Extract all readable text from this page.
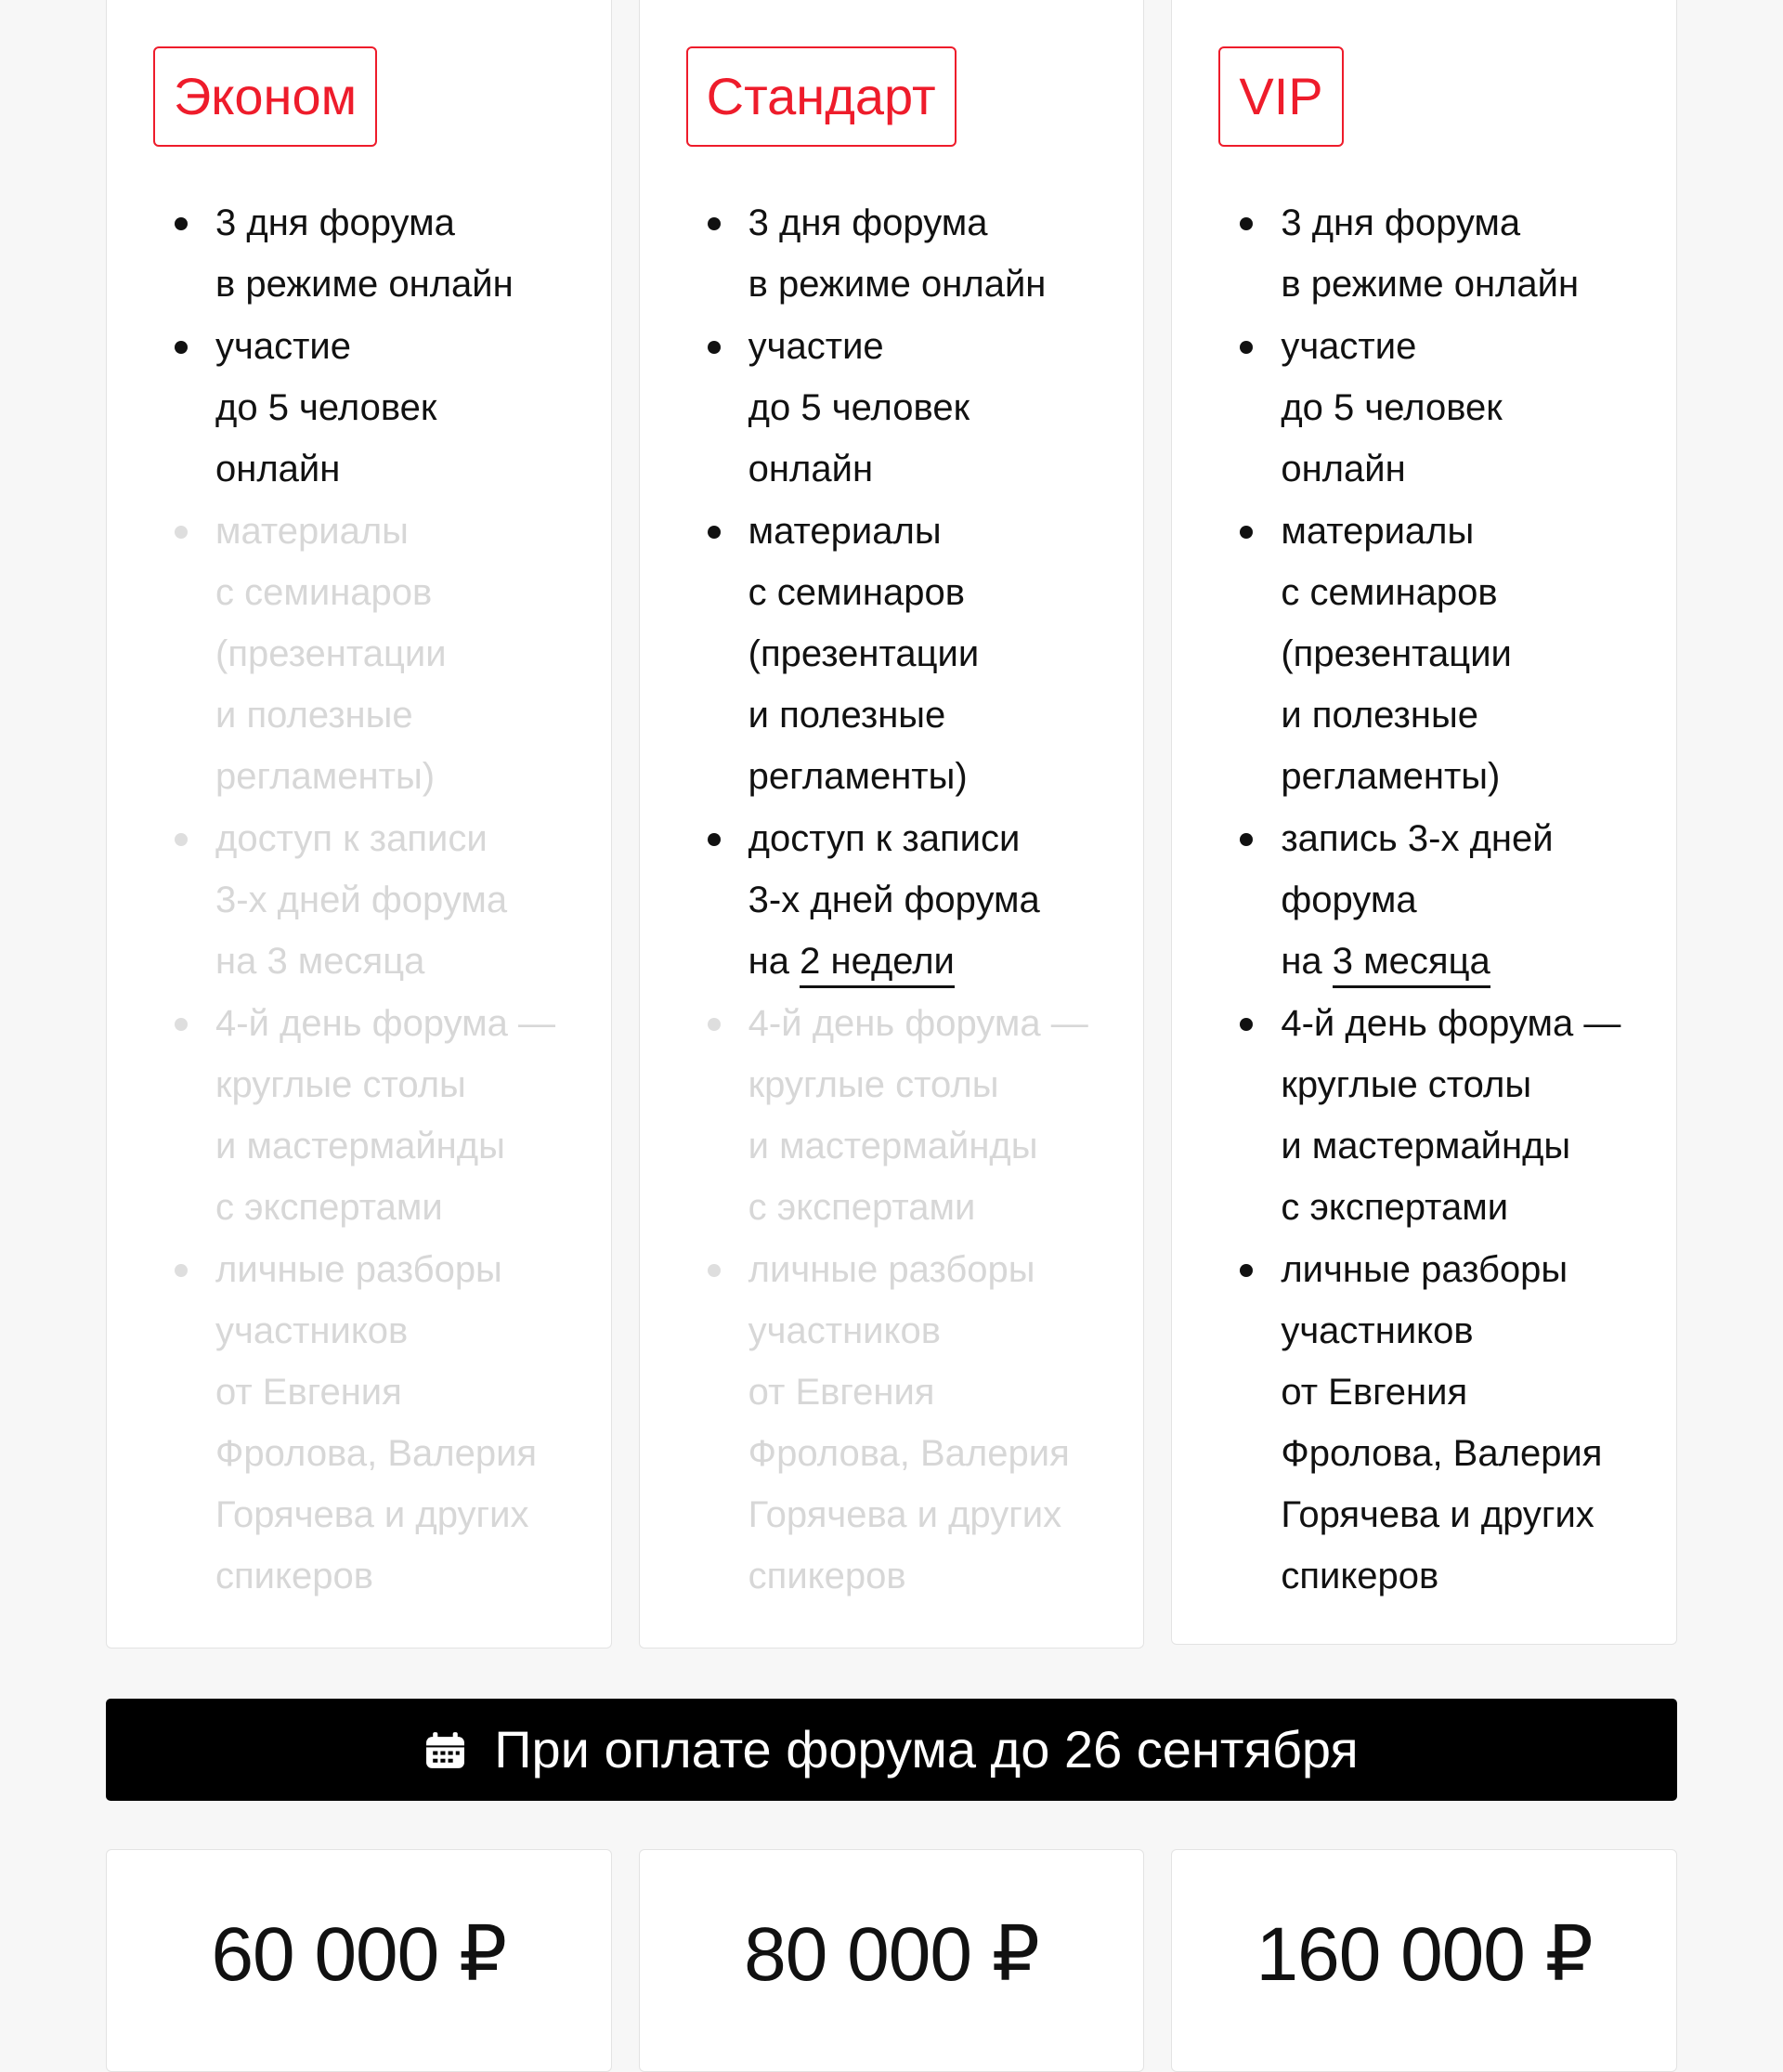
Эконом
3 дня форума
в режиме онлайн
участие
до 5 человек
онлайн
материалы
с семинаров
(презентации
и полезные
регламенты)
доступ к записи
3-х дней форума
на 3 месяца
4-й день форума —
круглые столы
и мастермайнды
с экспертами
личные разборы
участников
от Евгения
Фролова, Валерия
Горячева и других
спикеров
Стандарт
3 дня форума
в режиме онлайн
участие
до 5 человек
онлайн
материалы
с семинаров
(презентации
и полезные
регламенты)
доступ к записи
3-х дней форума
на 2 недели
4-й день форума —
круглые столы
и мастермайнды
с экспертами
личные разборы
участников
от Евгения
Фролова, Валерия
Горячева и других
спикеров
VIP
3 дня форума
в режиме онлайн
участие
до 5 человек
онлайн
материалы
с семинаров
(презентации
и полезные
регламенты)
запись 3-х дней
форума
на 3 месяца
4-й день форума —
круглые столы
и мастермайнды
с экспертами
личные разборы
участников
от Евгения
Фролова, Валерия
Горячева и других
спикеров
При оплате форума до 26 сентября
60 000 ₽	80 000 ₽	160 000 ₽
